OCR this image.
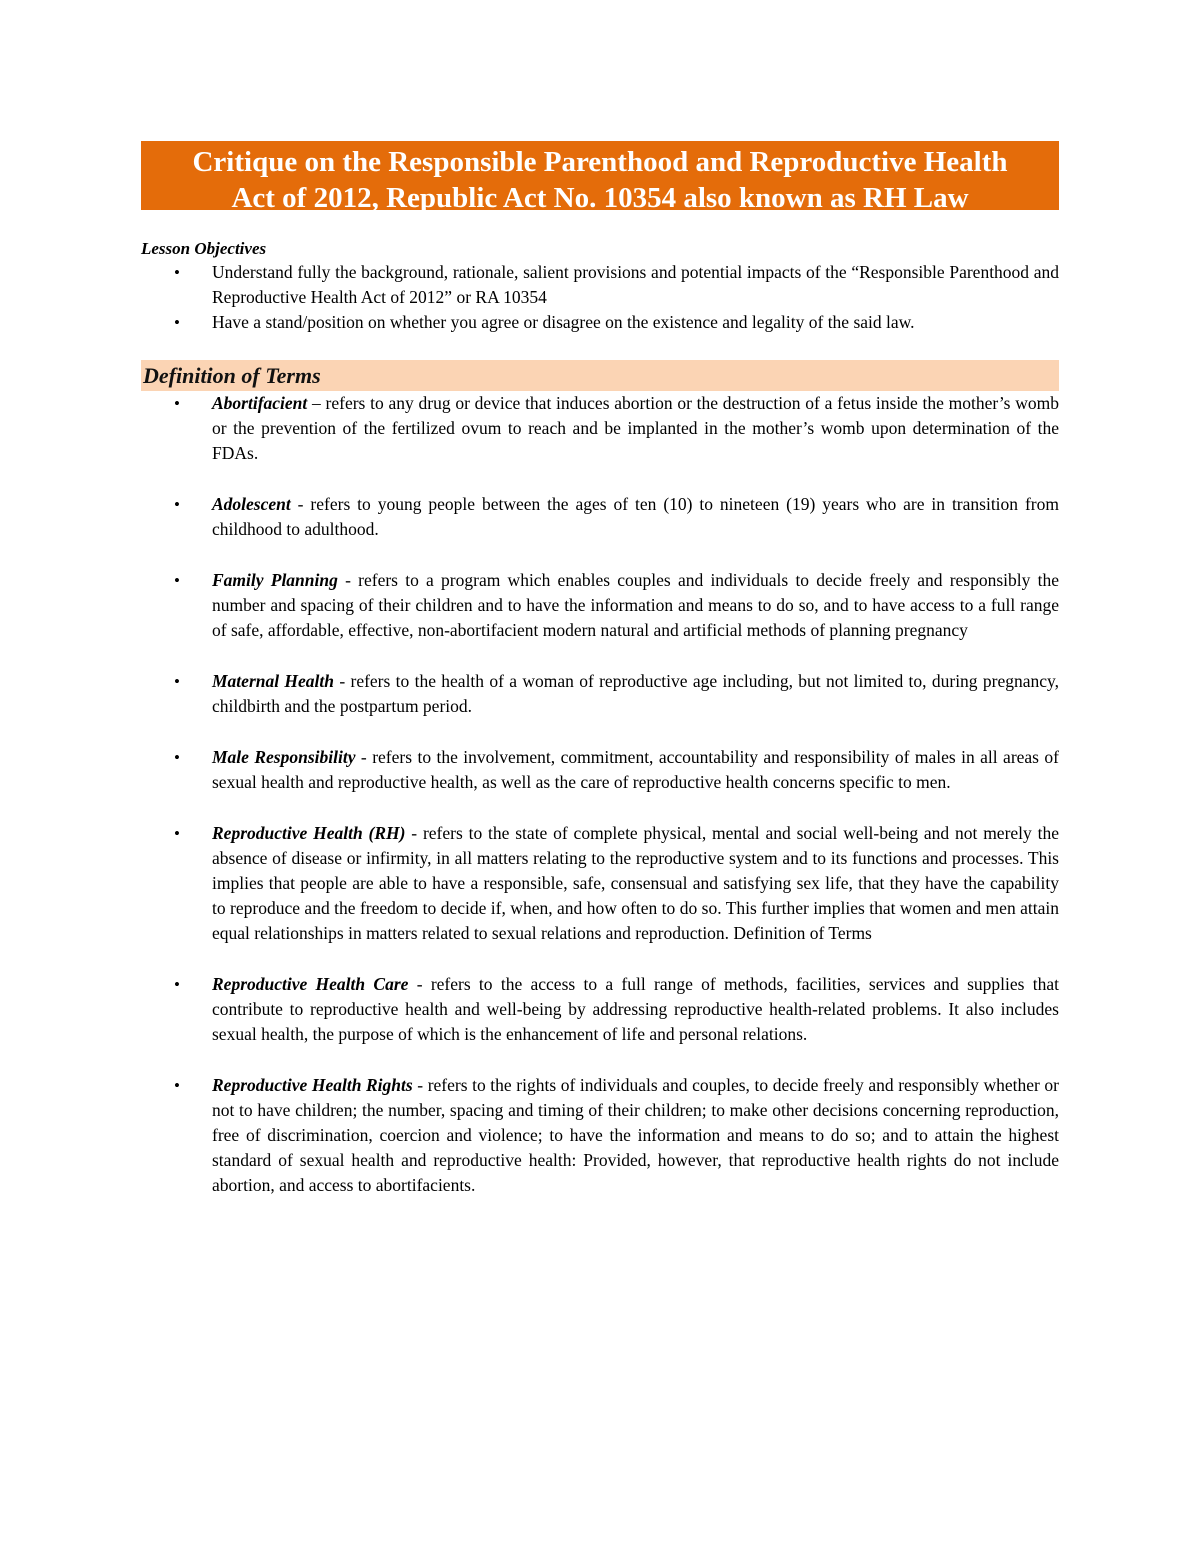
Critique on the Responsible Parenthood and Reproductive Health
Act of 2012, Republic Act No. 10354 also known as RH Law
Lesson Objectives
• Understand fully the background, rationale, salient provisions and potential impacts of the “Responsible Parenthood and Reproductive Health Act of 2012” or RA 10354
• Have a stand/position on whether you agree or disagree on the existence and legality of the said law.
Definition of Terms
• Abortifacient – refers to any drug or device that induces abortion or the destruction of a fetus inside the mother’s womb or the prevention of the fertilized ovum to reach and be implanted in the mother’s womb upon determination of the FDAs.
• Adolescent - refers to young people between the ages of ten (10) to nineteen (19) years who are in transition from childhood to adulthood.
• Family Planning - refers to a program which enables couples and individuals to decide freely and responsibly the number and spacing of their children and to have the information and means to do so, and to have access to a full range of safe, affordable, effective, non-abortifacient modern natural and artificial methods of planning pregnancy
• Maternal Health - refers to the health of a woman of reproductive age including, but not limited to, during pregnancy, childbirth and the postpartum period.
• Male Responsibility - refers to the involvement, commitment, accountability and responsibility of males in all areas of sexual health and reproductive health, as well as the care of reproductive health concerns specific to men.
• Reproductive Health (RH) - refers to the state of complete physical, mental and social well-being and not merely the absence of disease or infirmity, in all matters relating to the reproductive system and to its functions and processes. This implies that people are able to have a responsible, safe, consensual and satisfying sex life, that they have the capability to reproduce and the freedom to decide if, when, and how often to do so. This further implies that women and men attain equal relationships in matters related to sexual relations and reproduction. Definition of Terms
• Reproductive Health Care - refers to the access to a full range of methods, facilities, services and supplies that contribute to reproductive health and well-being by addressing reproductive health-related problems. It also includes sexual health, the purpose of which is the enhancement of life and personal relations.
• Reproductive Health Rights - refers to the rights of individuals and couples, to decide freely and responsibly whether or not to have children; the number, spacing and timing of their children; to make other decisions concerning reproduction, free of discrimination, coercion and violence; to have the information and means to do so; and to attain the highest standard of sexual health and reproductive health: Provided, however, that reproductive health rights do not include abortion, and access to abortifacients.
